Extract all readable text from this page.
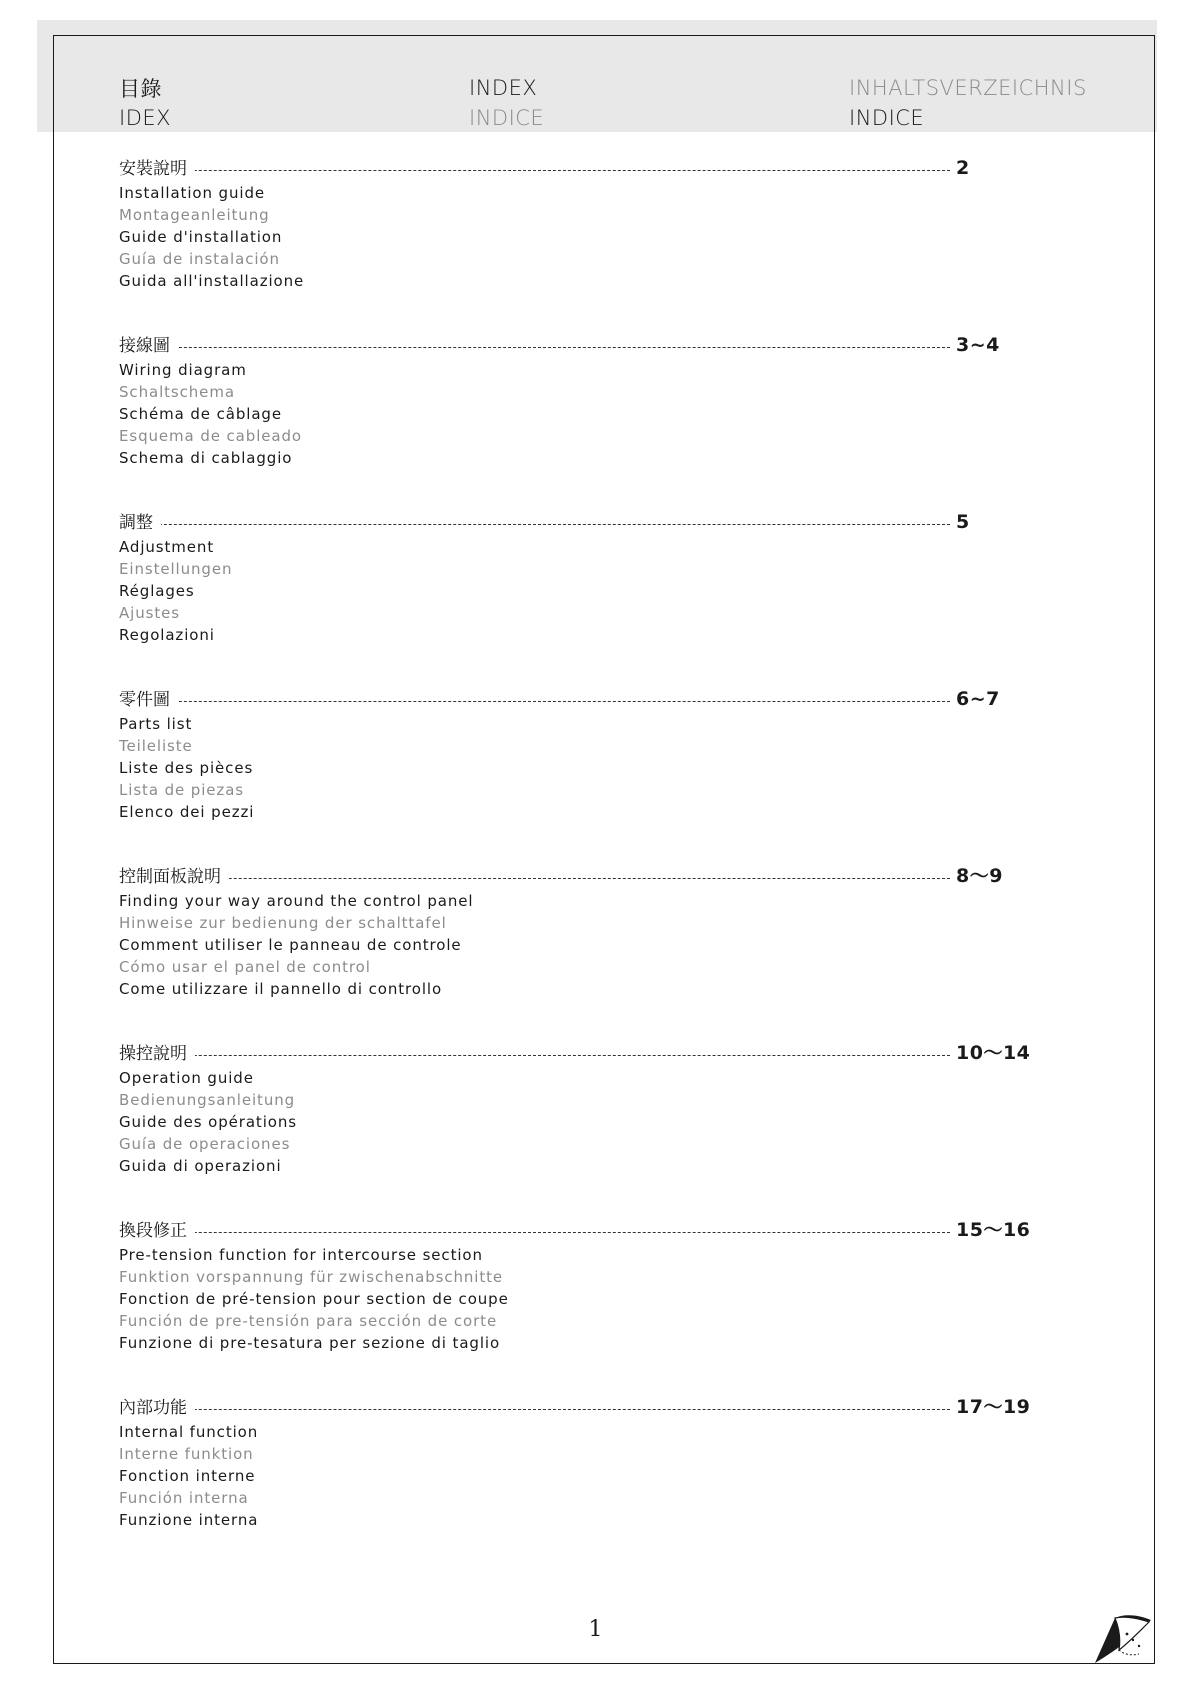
目錄
IDEX
INDEX
INDICE
INHALTSVERZEICHNIS
INDICE
安裝說明	2
Installation guide
Montageanleitung
Guide d'installation
Guía de instalación
Guida all'installazione
接線圖	3~4
Wiring diagram
Schaltschema
Schéma de câblage
Esquema de cableado
Schema di cablaggio
調整	5
Adjustment
Einstellungen
Réglages
Ajustes
Regolazioni
零件圖	6~7
Parts list
Teileliste
Liste des pièces
Lista de piezas
Elenco dei pezzi
控制面板說明	8～9
Finding your way around the control panel
Hinweise zur bedienung der schalttafel
Comment utiliser le panneau de controle
Cómo usar el panel de control
Come utilizzare il pannello di controllo
操控說明	10～14
Operation guide
Bedienungsanleitung
Guide des opérations
Guía de operaciones
Guida di operazioni
換段修正	15～16
Pre-tension function for intercourse section
Funktion vorspannung für zwischenabschnitte
Fonction de pré-tension pour section de coupe
Función de pre-tensión para sección de corte
Funzione di pre-tesatura per sezione di taglio
內部功能	17～19
Internal function
Interne funktion
Fonction interne
Función interna
Funzione interna
1
